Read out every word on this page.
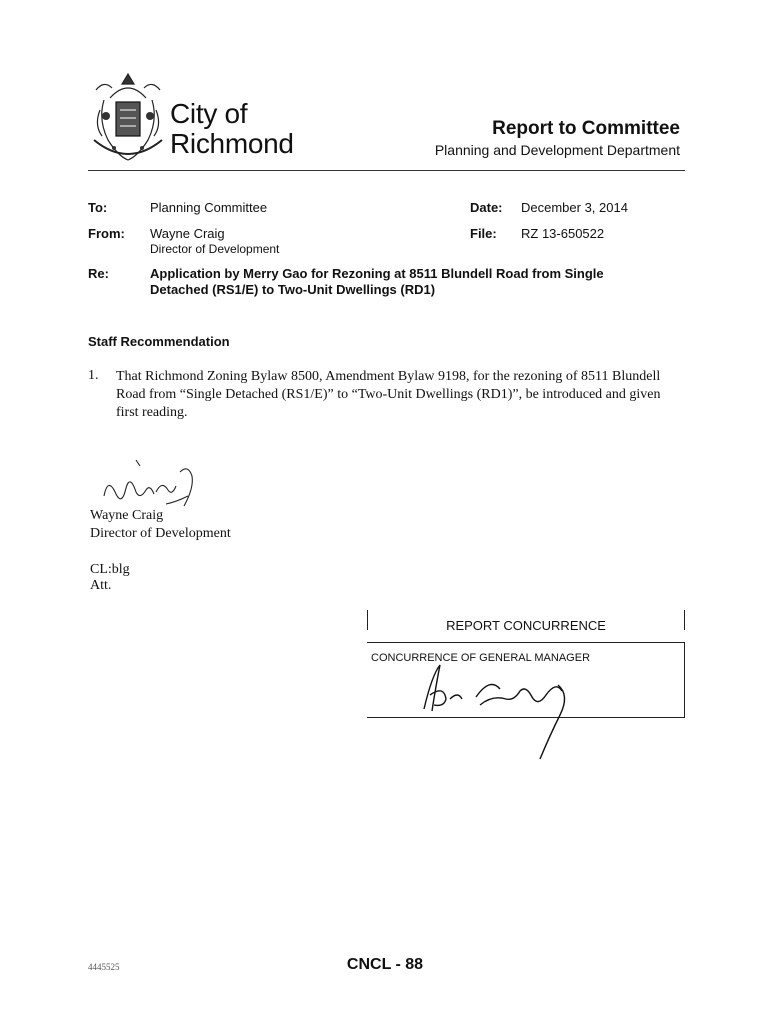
City of
Richmond	Report to Committee
Planning and Development Department
To:	Planning Committee	Date: December 3, 2014
From: Wayne Craig
Director of Development
File: RZ 13-650522
Re:	Application by Merry Gao for Rezoning at 8511 Blundell Road from Single Detached (RS1/E) to Two-Unit Dwellings (RD1)
Staff Recommendation
1. That Richmond Zoning Bylaw 8500, Amendment Bylaw 9198, for the rezoning of 8511 Blundell Road from “Single Detached (RS1/E)” to “Two-Unit Dwellings (RD1)”, be introduced and given first reading.
Wayne Craig
Director of Development
CL:blg
Att.
REPORT CONCURRENCE
CONCURRENCE OF GENERAL MANAGER
4445525	CNCL - 88
